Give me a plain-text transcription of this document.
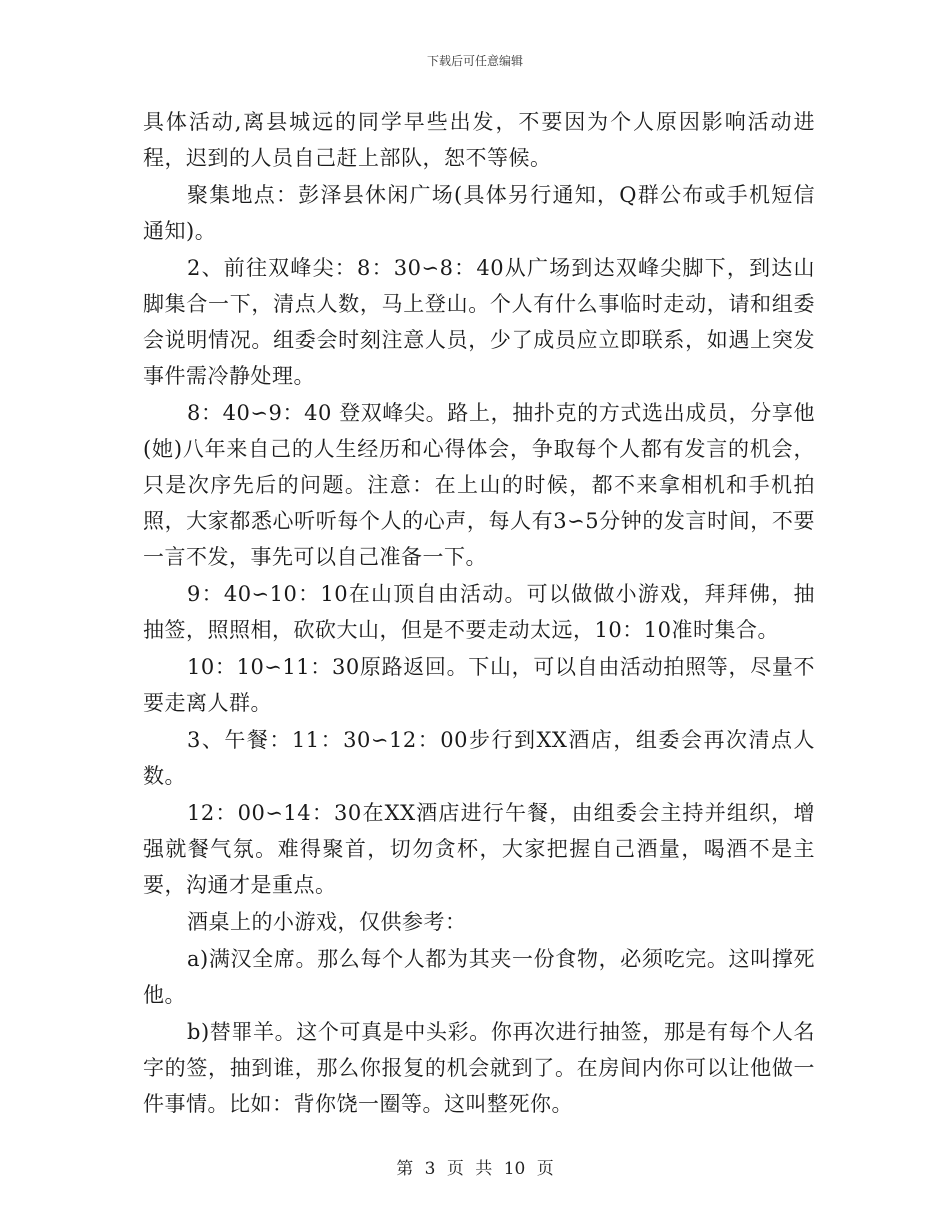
下载后可任意编辑

具体活动,离县城远的同学早些出发，不要因为个人原因影响活动进程，迟到的人员自己赶上部队，恕不等候。

聚集地点：彭泽县休闲广场(具体另行通知，Q群公布或手机短信通知)。

2、前往双峰尖：8：30∽8：40从广场到达双峰尖脚下，到达山脚集合一下，清点人数，马上登山。个人有什么事临时走动，请和组委会说明情况。组委会时刻注意人员，少了成员应立即联系，如遇上突发事件需冷静处理。

8：40∽9：40 登双峰尖。路上，抽扑克的方式选出成员，分享他(她)八年来自己的人生经历和心得体会，争取每个人都有发言的机会，只是次序先后的问题。注意：在上山的时候，都不来拿相机和手机拍照，大家都悉心听听每个人的心声，每人有3∽5分钟的发言时间，不要一言不发，事先可以自己准备一下。

9：40∽10：10在山顶自由活动。可以做做小游戏，拜拜佛，抽抽签，照照相，砍砍大山，但是不要走动太远，10：10准时集合。

10：10∽11：30原路返回。下山，可以自由活动拍照等，尽量不要走离人群。

3、午餐：11：30∽12：00步行到XX酒店，组委会再次清点人数。

12：00∽14：30在XX酒店进行午餐，由组委会主持并组织，增强就餐气氛。难得聚首，切勿贪杯，大家把握自己酒量，喝酒不是主要，沟通才是重点。

酒桌上的小游戏，仅供参考：

a)满汉全席。那么每个人都为其夹一份食物，必须吃完。这叫撑死他。

b)替罪羊。这个可真是中头彩。你再次进行抽签，那是有每个人名字的签，抽到谁，那么你报复的机会就到了。在房间内你可以让他做一件事情。比如：背你饶一圈等。这叫整死你。

第 3 页 共 10 页
